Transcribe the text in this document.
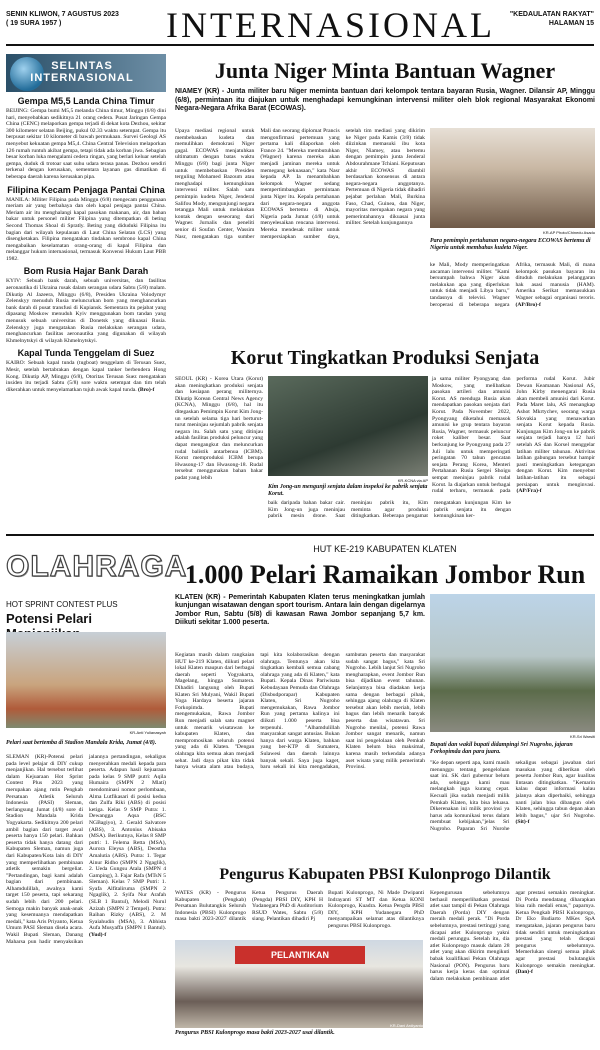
SENIN KLIWON, 7 AGUSTUS 2023
( 19 SURA 1957 )	INTERNASIONAL "KEDAULATAN RAKYAT"
HALAMAN 15
SELINTAS INTERNASIONAL
Gempa M5,5 Landa China Timur
BEIJING: Gempa bumi M5,5 melanda China timur, Minggu (6/8) dini hari, menyebabkan sedikitnya 21 orang cedera. Pusat Jaringan Gempa China (CENC) melaporkan gempa terjadi di dekat kota Dezhou, sekitar 300 kilometer selatan Beijing, pukul 02.33 waktu setempat. Gempa itu berpusat sekitar 10 kilometer di bawah permukaan. Survei Geologi AS menyebut kekuatan gempa M5,4. China Central Television melaporkan 126 rumah runtuh akibat gempa, tetapi tidak ada korban jiwa. Sebagian besar korban luka mengalami cedera ringan, yang berlari keluar setelah gempa, duduk di trotoar saat suhu udara terasa panas. Dezhou sendiri terkenal dengan kerusakan, sementara layanan gas dimatikan di beberapa daerah karena kerusakan pipa.
Filipina Kecam Penjaga Pantai China
MANILA: Militer Filipina pada Minggu (6/8) mengecam penggunaan meriam air yang berbahaya dan oleh kapal penjaga pantai China. Meriam air itu menghalangi kapal pasokan makanan, air, dan bahan bakar untuk personel militer Filipina yang ditempatkan di beting Second Thomas Shoal di Spratly. Beting yang diduduki Filipina itu bagian dari wilayah kepulauan di Laut China Selatan (LCS) yang disengketakan. Filipina mengatakan tindakan sembrono kapal China mengabaikan keselamatan orang-orang di kapal Filipina dan melanggar hukum internasional, termasuk Konvensi Hukum Laut PBB 1982.
Bom Rusia Hajar Bank Darah
KYIV: Sebuah bank darah, sebuah universitas, dan fasilitas aeronautika di Ukraina rusak dalam serangan udara Sabtu (5/8) malam. Dikutip Al Jazeera, Minggu (6/8), Presiden Ukraina Volodymyr Zelenskyy menuduh Rusia meluncurkan bom yang menghancurkan bank darah di pusat transfusi di Kupiansk. Sementara itu pejabat yang dipasang Moskow menuduh Kyiv menggunakan bom tandan yang menusuk sebuah universitas di Donetsk yang dikuasai Rusia. Zelenskyy juga mengatakan Rusia melakukan serangan udara, menghancurkan fasilitas aeronautika yang digunakan di wilayah Khmelnytskyi di wilayah Khmelnytskyi.
Kapal Tunda Tenggelam di Suez
KAIRO: Sebuah kapal tunda (tugboat) tenggelam di Terusan Suez, Mesir, setelah bertabrakan dengan kapal tanker berbendera Hong Kong. Dikutip AP, Minggu (6/8), Otoritas Terusan Suez mengatakan insiden itu terjadi Sabtu (5/8) sore waktu setempat dan tim telah dikerahkan untuk menyelamatkan tujuh awak kapal tunda. (Bro)-f
Junta Niger Minta Bantuan Wagner
NIAMEY (KR) - Junta militer baru Niger meminta bantuan dari kelompok tentara bayaran Rusia, Wagner. Dilansir AP, Minggu (6/8), permintaan itu diajukan untuk menghadapi kemungkinan intervensi militer oleh blok regional Masyarakat Ekonomi Negara-Negara Afrika Barat (ECOWAS).
Upaya mediasi regional untuk membebaskan kudeta dan memulihkan demokrasi Niger gagal. ECOWAS menjatuhkan ultimatum dengan batas waktu Minggu (6/8) bagi junta Niger untuk membebaskan Presiden terguling Mohamed Bazoum atau menghadapi kemungkinan intervensi militer. Salah satu pemimpin kudeta Niger, Jenderal Salifou Mody, mengunjungi negara tetangga Mali untuk melakukan kontak dengan seseorang dari Wagner. Jurnalis dan peneliti senior di Soufan Center, Wassim Nasr, mengatakan tiga sumber Mali dan seorang diplomat Prancis mengonfirmasi pertemuan yang pertama kali dilaporkan oleh France 24. "Mereka membutuhkan (Wagner) karena mereka akan menjadi jaminan mereka untuk memegang kekuasaan," kata Nasr kepada AP. Ia menambahkan kelompok Wagner sedang mempertimbangkan permintaan junta Niger itu. Kepala pertahanan dari negara-negara anggota ECOWAS bertemu di Abuja, Nigeria pada Jumat (4/8) untuk menyelesaikan rencana intervensi. Mereka mendesak militer untuk mempersiapkan sumber daya, setelah tim mediasi yang dikirim ke Niger pada Kamis (3/8) tidak diizinkan memasuki ibu kota Niger, Niamey, atau bertemu dengan pemimpin junta Jenderal Abdourahmane Tchiani. Keputusan akhir ECOWAS diambil berdasarkan konsensus di antara negara-negara anggotanya. Pertemuan di Nigeria tidak dihadiri pejabat perlahan Mali, Burkina Faso, Chad, Guinea, dan Niger, mayoritas merupakan negara yang pemerintahannya dikuasai junta militer. Setelah kunjungannya
KR-AP Photo/Chinedu Asadu
Para pemimpin pertahanan negara-negara ECOWAS bertemu di Nigeria untuk membahas kudeta Niger.
ke Mali, Mody memperingatkan ancaman intervensi militer. "Kami bersumpah bahwa Niger akan melakukan apa yang diperlukan untuk tidak menjadi Libya baru," tandasnya di televisi. Wagner beroperasi di beberapa negara Afrika, termasuk Mali, di mana kelompok pasukan bayaran itu dituduh melakukan pelanggaran hak asasi manusia (HAM). Amerika Serikat memasukkan Wagner sebagai organisasi teroris. (AP/Bro)-f
Korut Tingkatkan Produksi Senjata
SEOUL (KR) - Korea Utara (Korut) akan meningkatkan produksi senjata dan kesiapan perang militernya. Dikutip Korean Central News Agency (KCNA), Minggu (6/8), hal itu ditegaskan Pemimpin Korut Kim Jong-un setelah selama tiga hari berturut-turut meninjau sejumlah pabrik senjata negara itu. Salah satu yang ditinjau adalah fasilitas produksi peluncur yang dapat mengangkut dan meluncurkan rudal balistik antarbenua (ICBM). Korut memproduksi ICBM berupa Hwasong-17 dan Hwasong-18. Rudal tersebut menggunakan bahan bakar padat yang lebih	KR-KCNA via AP
Kim Jong-un mengunji senjata dalam inspeksi ke pabrik senjata Korut.
baik daripada bahan bakar cair. Kim Jong-un juga meninjau pabrik mesin drone. Saat meninjau pabrik itu, Kim meminta agar produksi ditingkatkan. Beberapa pengamat mengatakan kunjungan Kim ke pabrik senjata itu dengan kemungkinan ker-
ja sama militer Pyongyang dan Moskow, yang melibatkan pasokan artileri dan amunisi Korut. AS menduga Rusia akan mendapatkan pasokan senjata dari Korut. Pada November 2022, Pyongyang diketahui memasok amunisi ke grup tentara bayaran Rusia, Wagner, termasuk peluncur roket kaliber besar. Saat berkunjung ke Pyongyang pada 27 Juli lalu untuk memperingati peringatan 70 tahun gencatan senjata Perang Korea, Menteri Pertahanan Rusia Sergei Shoigu sempat meninjau pabrik rudal Korut. Ia diajarkan untuk berbagai rudal terbaru, termasuk pada performa rudal Korut. Jubir Dewan Keamanan Nasional AS, John Kirby menengarai Rusia akan membeli amunisi dari Korut. Pada Maret lalu, AS menangkap Ashot Mkrtychev, seorang warga Slovakia yang menawarkan senjata Korut kepada Rusia. Kunjungan Kim Jong-un ke pabrik senjata terjadi hanya 12 hari setelah AS dan Korsel menggelar latihan militer tahunan. Aktivitas latihan gabungan tersebut hampir pasti meningkatkan ketegangan dengan Korut. Kim menyebut latihan-latihan itu sebagai persiapan untuk menginvasi. (AP/Fra)-f
OLAHRAGA
HUT KE-219 KABUPATEN KLATEN
1.000 Pelari Ramaikan Jombor Run
KLATEN (KR) - Pemerintah Kabupaten Klaten terus meningkatkan jumlah kunjungan wisatawan dengan sport tourism. Antara lain dengan digelarnya Jombor Run, Sabtu (5/8) di kawasan Rawa Jombor sepanjang 5,7 km. Diikuti sekitar 1.000 peserta.
Kegiatan masih dalam rangkaian HUT ke-219 Klaten, diikuti pelari lokal Klaten maupun dari berbagai daerah seperti Yogyakarta, Magelang, hingga Sumatera. Dihadiri langsung oleh Bupati Klaten Sri Mulyani, Wakil Bupati Yoga Hardaya beserta jajaran Forkopimda. Bupati mengemukakan, Rawa Jombor Run menjadi salah satu magnet untuk menarik wisatawan ke kabupaten Klaten, dan mempromosikan seluruh potensi yang ada di Klaten. "Dengan olahraga kita semua akan menjadi sehat. Jadi daya pikat kita tidak hanya wisata alam atau budaya, tapi kita kolaborasikan dengan olahraga. Tentunya akan kita tingkatkan kembali semua cabang olahraga yang ada di Klaten," kata Bupati. Kepala Dinas Pariwisata Kebudayaan Pemuda dan Olahraga (Disbudporapar) Kabupaten Klaten, Sri Nugroho mengemukakan, Rawa Jombor Run yang pertama kalinya ini diikuti 1.000 peserta bisa terpenuhi. "Alhamdulillah masyarakat sangat antusias. Bukan hanya dari warga Klaten, bahkan yang ber-KTP di Sumatera, Sulawesi dan daerah lainnya banyak sekali. Saya juga kaget, baru sekali ini kita mengadakan, sambutan peserta dan masyarakat sudah sangat bagus," kata Sri Nugroho. Lebih lanjut Sri Nugroho mengharapkan, event Jombor Run bisa dijadikan event tahunan. Selanjutnya bisa diadakan kerja sama dengan berbagai pihak, sehingga ajang olahraga di Klaten tersebut akan lebih meriah, lebih bagus dan lebih menarik banyak peserta dan wisatawan. Sri Nugroho menilai, potensi Rawa Jombor sangat menarik, namun saat ini pengelolaan oleh Pemkab Klaten belum bisa maksimal, karena masih terkendala adanya aset wisata yang milik pemerintah Provinsi.
KR-Sri Warsiti
Bupati dan wakil bupati didampingi Sri Nugroho, jajaran Forkopimda dan para juara.
"Ke depan seperti apa, kami masih menunggu tentang pengelolaan saat ini. SK dari gubernur belum ada, sehingga kami mau melangkah juga kurang cepat. Kecuali jika sudah menjadi milik Pemkab Klaten, kita bisa leluasa. Dikerenakan ini milik provinsi ya harus ada komunikasi terus dalam membuat kebijakan,"jelas Sri Nugroho. Paparan Sri Nurohe sekaligus sebagai jawaban dari masukan yang diberikan oleh peserta Jombor Run, agar kualitas lintasan ditingkatkan. "Kemarin kalau dapat informasi kalau jalanya akan diperbaiki, sehingga nanti jalan bisa dibangun oleh Klaten, sehingga tabun depan akan lebih bagus," ujar Sri Nugroho. (Sit)-f
HOT SPRINT CONTEST PLUS
Potensi Pelari
KR-Anti Yulianasyah
Pelari saat bertemba di Stadion Mandala Krida, Jumat (4/8).
SLEMAN (KR)-Potensi pelari pada level pelajar di DIY cukup menjanjikan. Hal tersebut terlihat dalam Kejuaraan Hot Sprint Contest Plus 2023 yang merupakan ajang rutin Pengkab Persatuan Atletik Seluruh Indonesia (PASI) Sleman, berlangsung Jumat (4/8) sore di Stadion Mandala Krida Yogyakarta. Sedikitnya 200 pelari ambil bagian dari target awal peserta hanya 150 pelari. Bahkan peserta tidak hanya datang dari Kabupaten Sleman, namun juga dari Kabupaten/Kota lain di DIY yang memperlihatkan pembinaan atletik semakin bergeliat. "Pertandingan, bagi kami adalah bagian dari pembinaan. Alhamdulillah, awalnya kami target 150 peserta, tapi sekarang sudah lebih dari 200 pelari. Semoga makin banyak anak-anak yang kesemuanya mendapatkan medali," kata Aris Priyanto, Ketua Umum PASI Sleman disela acara. Wakil Bupati Sleman, Danang Maharsa pun hadir menyaksikan jalannya pertandingan, sekaligus menyerahkan medali kepada para peserta. Adapun hasil kejuaraan pada kelas 9 SMP putri: Aqila Humaira (SMPN 2 Mlati) mendominasi nomor perlombaan, Alma Lutfikasari di posisi kedua dan Zulfa Riki (ABS) di posisi ketiga. Kelas 9 SMP Putra: 1. Dewangga Aqsa (BSC NGBagiyo), 2. Gerald Salvatore (ABS), 3. Antonius Abisaka (MSA). Berikutnya, Kelas 8 SMP putri: 1. Felema Retta (MSA), Aurora Eleysa (ABS), Deostha Amalutia (ABS). Putra: 1. Tegar Ainur Ridho (SMPN 2 Ngaglik), 2. Ueda Gungsu Atala (SMPN 4 Gamping), 3. Fajar Rafa (MTsN 5 Sleman). Kelas 7 SMP Putri: 1. Syafa Alfitaliruma (SMPN 2 Ngaglik), 2. Syifa Nur Arafah (SLB 1 Bantul), Melodi Nurul Azizah (SMPN 2 Tempel). Putra: Raihan Rizky (ABS), 2. M Syaiahudin (MSA), 3. Abhista Aufa Musyaffa (SMPN 1 Bantul). (Yud)-f
Pengurus Kabupaten PBSI Kulonprogo Dilantik
WATES (KR) - Pengurus Kabupaten (Pengkab) Persatuan Bulutangkis Seluruh Indonesia (PBSI) Kulonprogo masa bakti 2023-2027 dilantik Ketua Pengurus Daerah (Pengda) PBSI DIY, KPH H Yudanegara PhD di Auditorium RSUD Wates, Sabtu (5/8) siang. Pelantikan dihadiri Pj
Bupati Kulonprogo, Ni Made Dwipanti Indrayanti ST MT dan Ketua KONI Kulonprogo, Kuadra. Ketua Pengda PBSI DIY, KPH Yudanegara PhD menyampaikan selamat atas dilantiknya pengurus PBSI Kulonprogo.
PELANTIKAN
KR-Dani Ardiyanto
Pengurus PBSI Kulonprogo masa bakti 2023-2027 usai dilantik.
Kepengurusan sebelumnya berhasil memperlihatkan prestasi atlet saat tampil di Pekan Olahraga Daerah (Porda) DIY dengan meraih medali perak. "Di Porda sebelumnya, prestasi tertinggi yang dicapai atlet Kulonprogo yakni medali perunggu. Setelah itu, dia atlet Kulonprogo masuk dalam 28 atlet yang akan dikirim mengikuti babak kualifikasi Pekan Olahraga Nasional (PON). Pengurus baru harus kerja keras dan optimal dalam melakukan pembinaan atlet agar prestasi semakin meningkat. Di Porda mendatang diharapkan bisa raih medali emas," paparnya. Ketua Pengkab PBSI Kulonprogo, Dr Eko Budiarto MKes SpA mengatakan, jajaran pengurus baru tidak sendiri untuk meningkatkan prestasi yang telah dicapai pengurus sebelumnya. Memerlukan sinergi semua pihak agar prestasi bulutangkis Kulonprogo semakin meningkat. (Dan)-f
